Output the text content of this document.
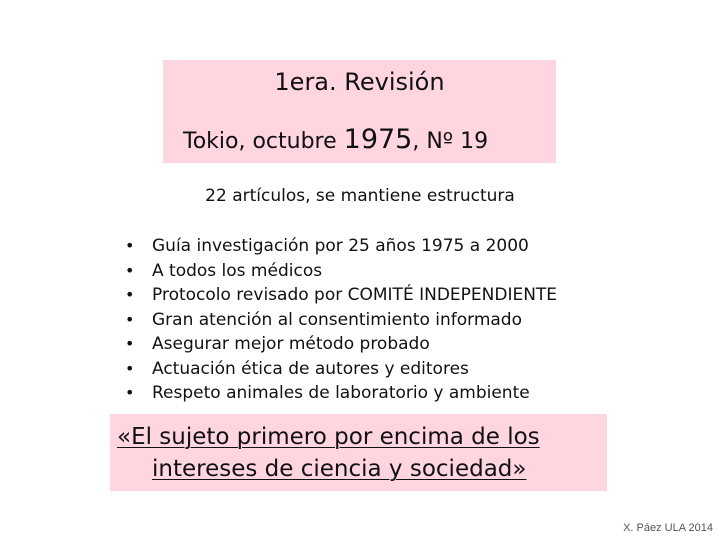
1era. Revisión
Tokio, octubre 1975, Nº 19
22 artículos, se mantiene estructura
• Guía investigación por 25 años 1975 a 2000
• A todos los médicos
• Protocolo revisado por COMITÉ INDEPENDIENTE
• Gran atención al consentimiento informado
• Asegurar mejor método probado
• Actuación ética de autores y editores
• Respeto animales de laboratorio y ambiente
«El sujeto primero por encima de los
intereses de ciencia y sociedad»
X. Páez ULA 2014
